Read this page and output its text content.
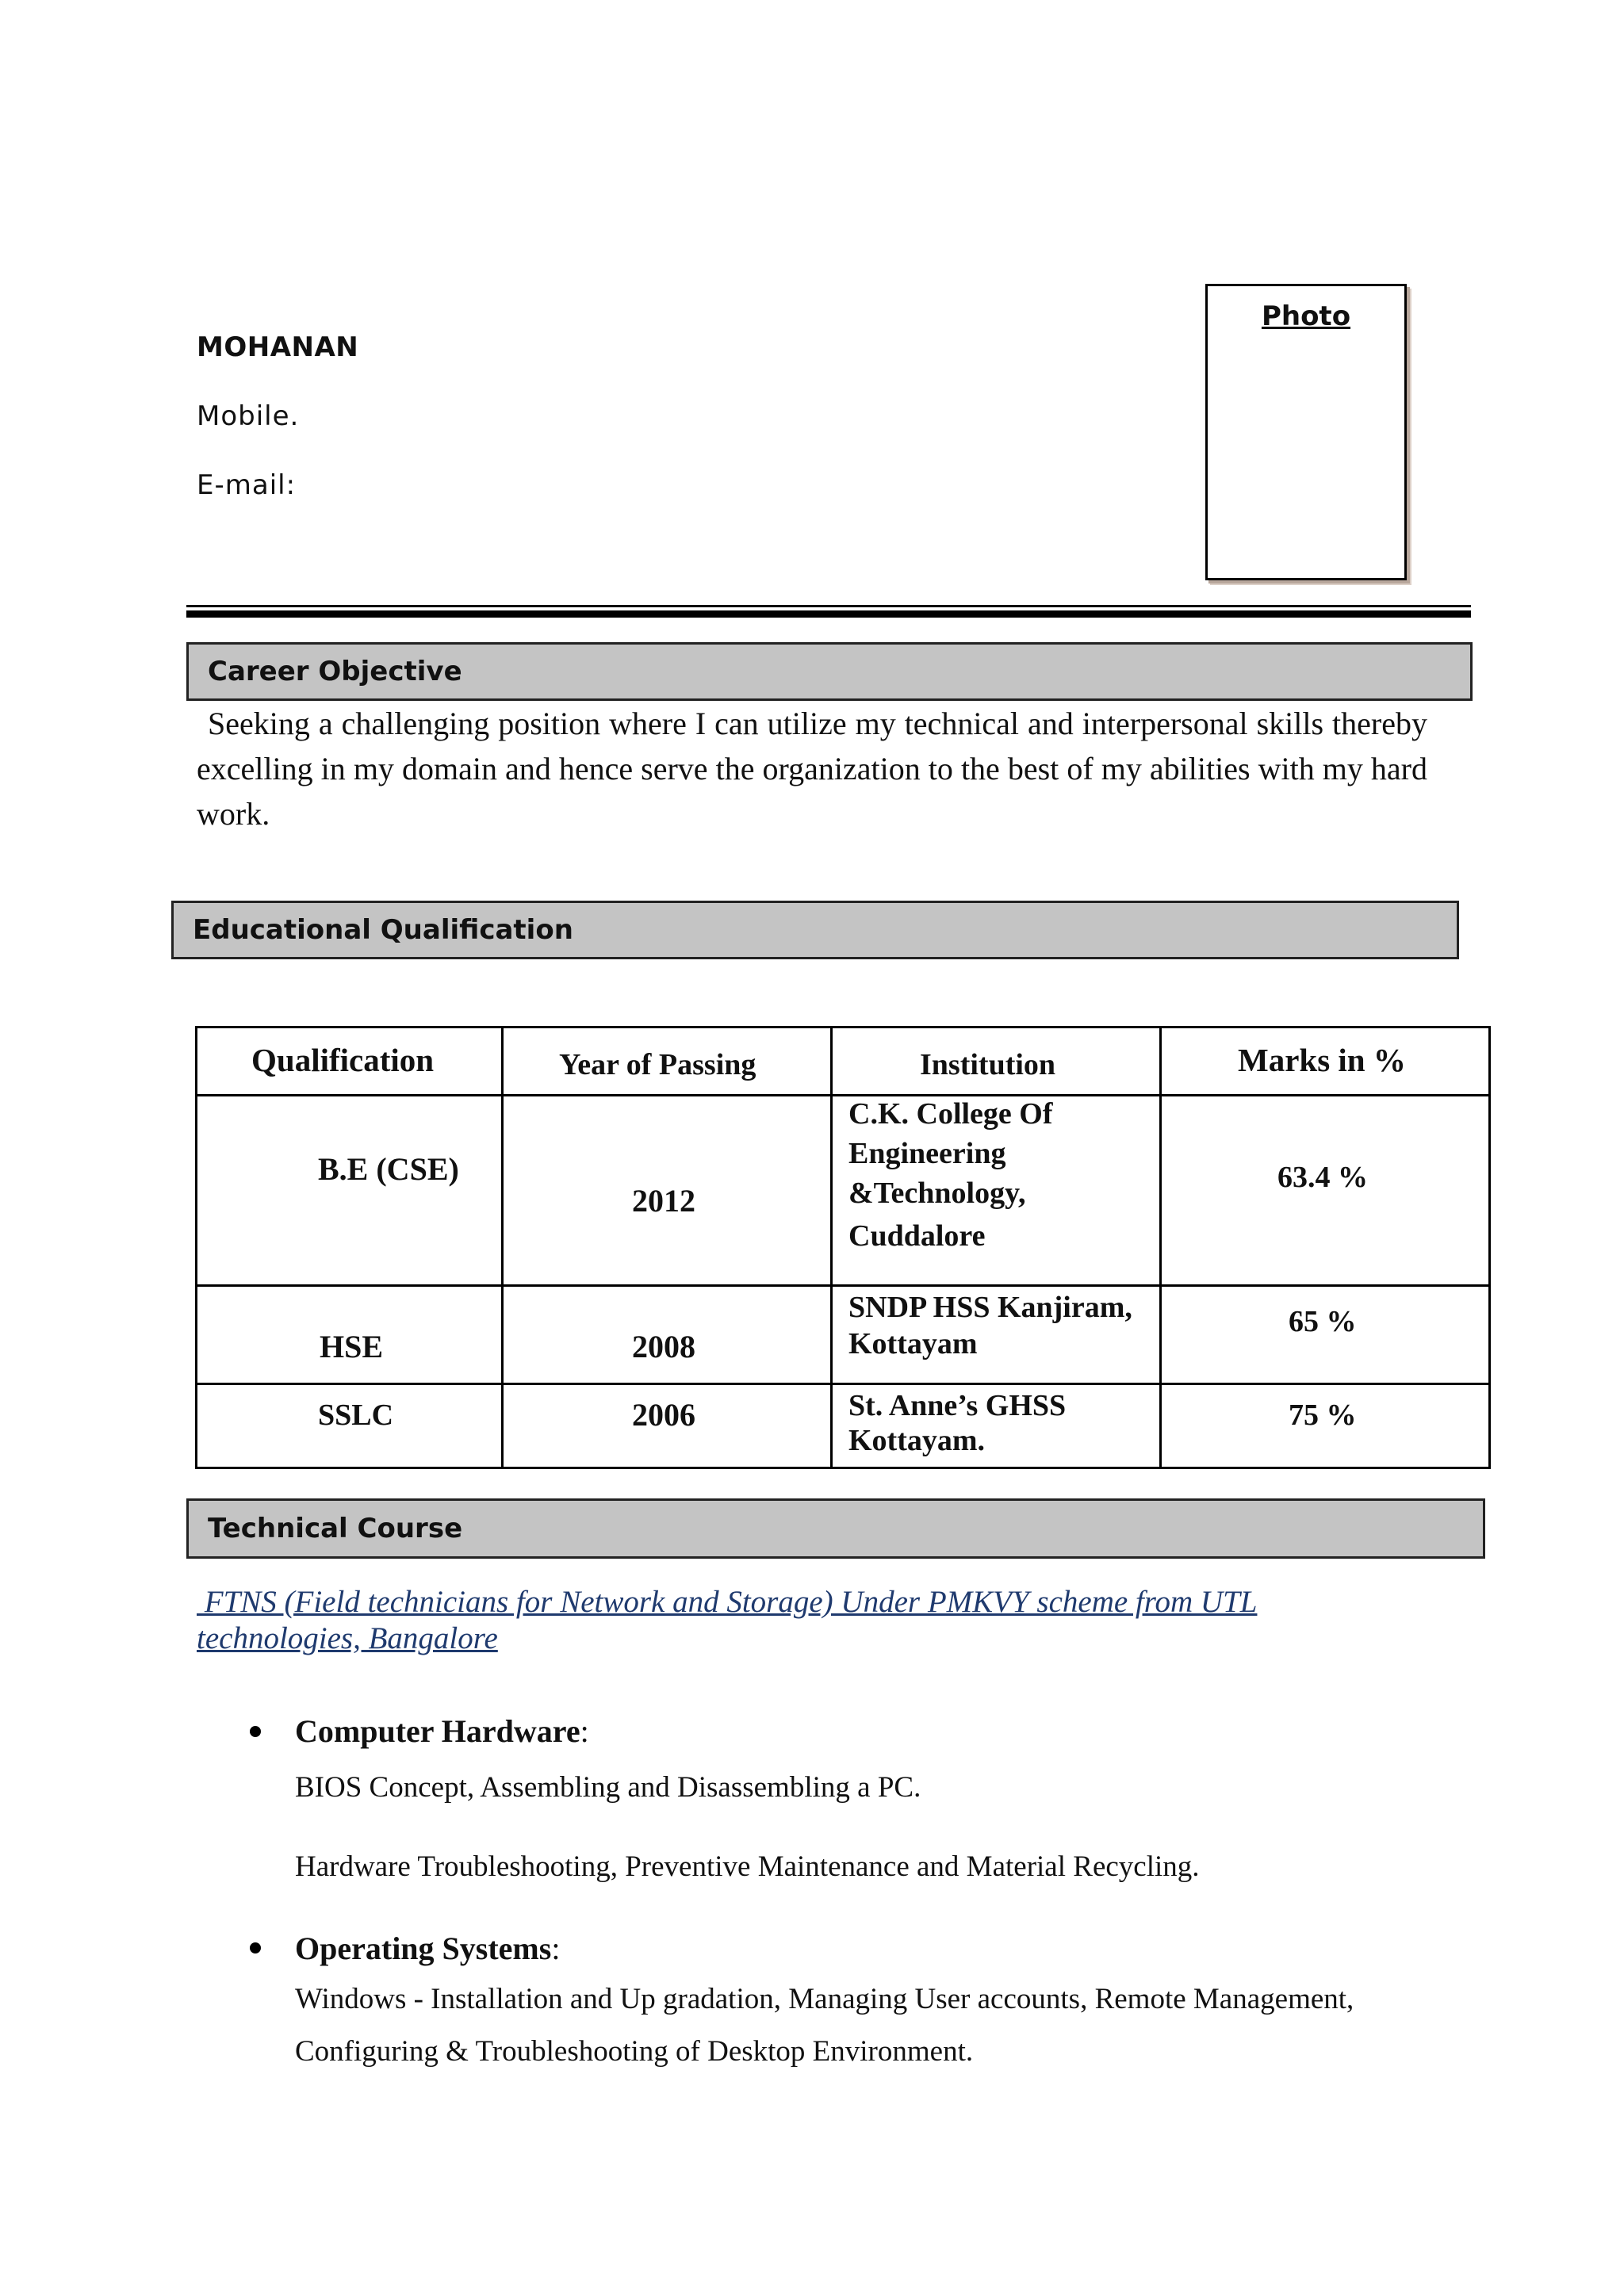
MOHANAN
Mobile.
E-mail:
Photo
Career Objective
Seeking a challenging position where I can utilize my technical and interpersonal skills thereby excelling in my domain and hence serve the organization to the best of my abilities with my hard work.
Educational Qualification
Qualification	Year of Passing	Institution	Marks in %

B.E (CSE)	2012	C.K. College Of
Engineering
&Technology,
Cuddalore	63.4 %

HSE	2008	SNDP HSS Kanjiram,
Kottayam	65 %

SSLC	2006	St. Anne’s GHSS
Kottayam.	75 %
Technical Course
FTNS (Field technicians for Network and Storage) Under PMKVY scheme from UTL
technologies, Bangalore
Computer Hardware:
BIOS Concept, Assembling and Disassembling a PC.
Hardware Troubleshooting, Preventive Maintenance and Material Recycling.
Operating Systems:
Windows - Installation and Up gradation, Managing User accounts, Remote Management,
Configuring & Troubleshooting of Desktop Environment.
